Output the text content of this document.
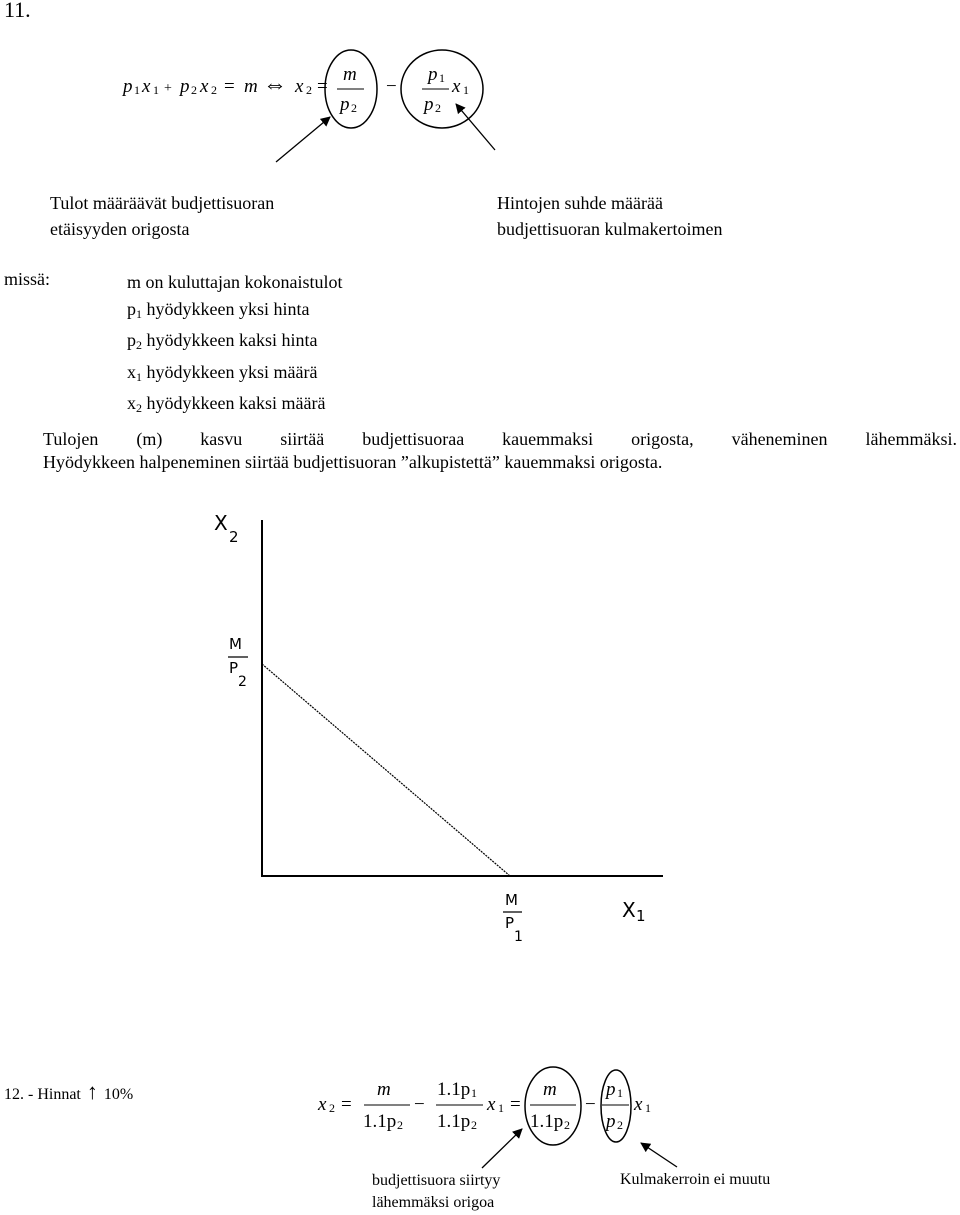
11.
p 1 x 1 + p 2 x 2 = m ⇔ x 2 =
m
p 2
−
p 1
p 2
x 1
Tulot määräävät budjettisuoran
etäisyyden origosta
Hintojen suhde määrää
budjettisuoran kulmakertoimen
missä:	m on kuluttajan kokonaistulot
p1 hyödykkeen yksi hinta
p2 hyödykkeen kaksi hinta
x1 hyödykkeen yksi määrä
x2 hyödykkeen kaksi määrä
Tulojen (m) kasvu siirtää budjettisuoraa kauemmaksi origosta, väheneminen lähemmäksi.
Hyödykkeen halpeneminen siirtää budjettisuoran ”alkupistettä” kauemmaksi origosta.
X
2
M
P
2
M
P
1
X 1
12. - Hinnat ↑ 10%	x 2 =
m
1.1p 2
−
1.1p 1
1.1p 2
x 1 =
m
1.1p 2
−
p 1
p 2
x 1
budjettisuora siirtyy
lähemmäksi origoa
Kulmakerroin ei muutu
